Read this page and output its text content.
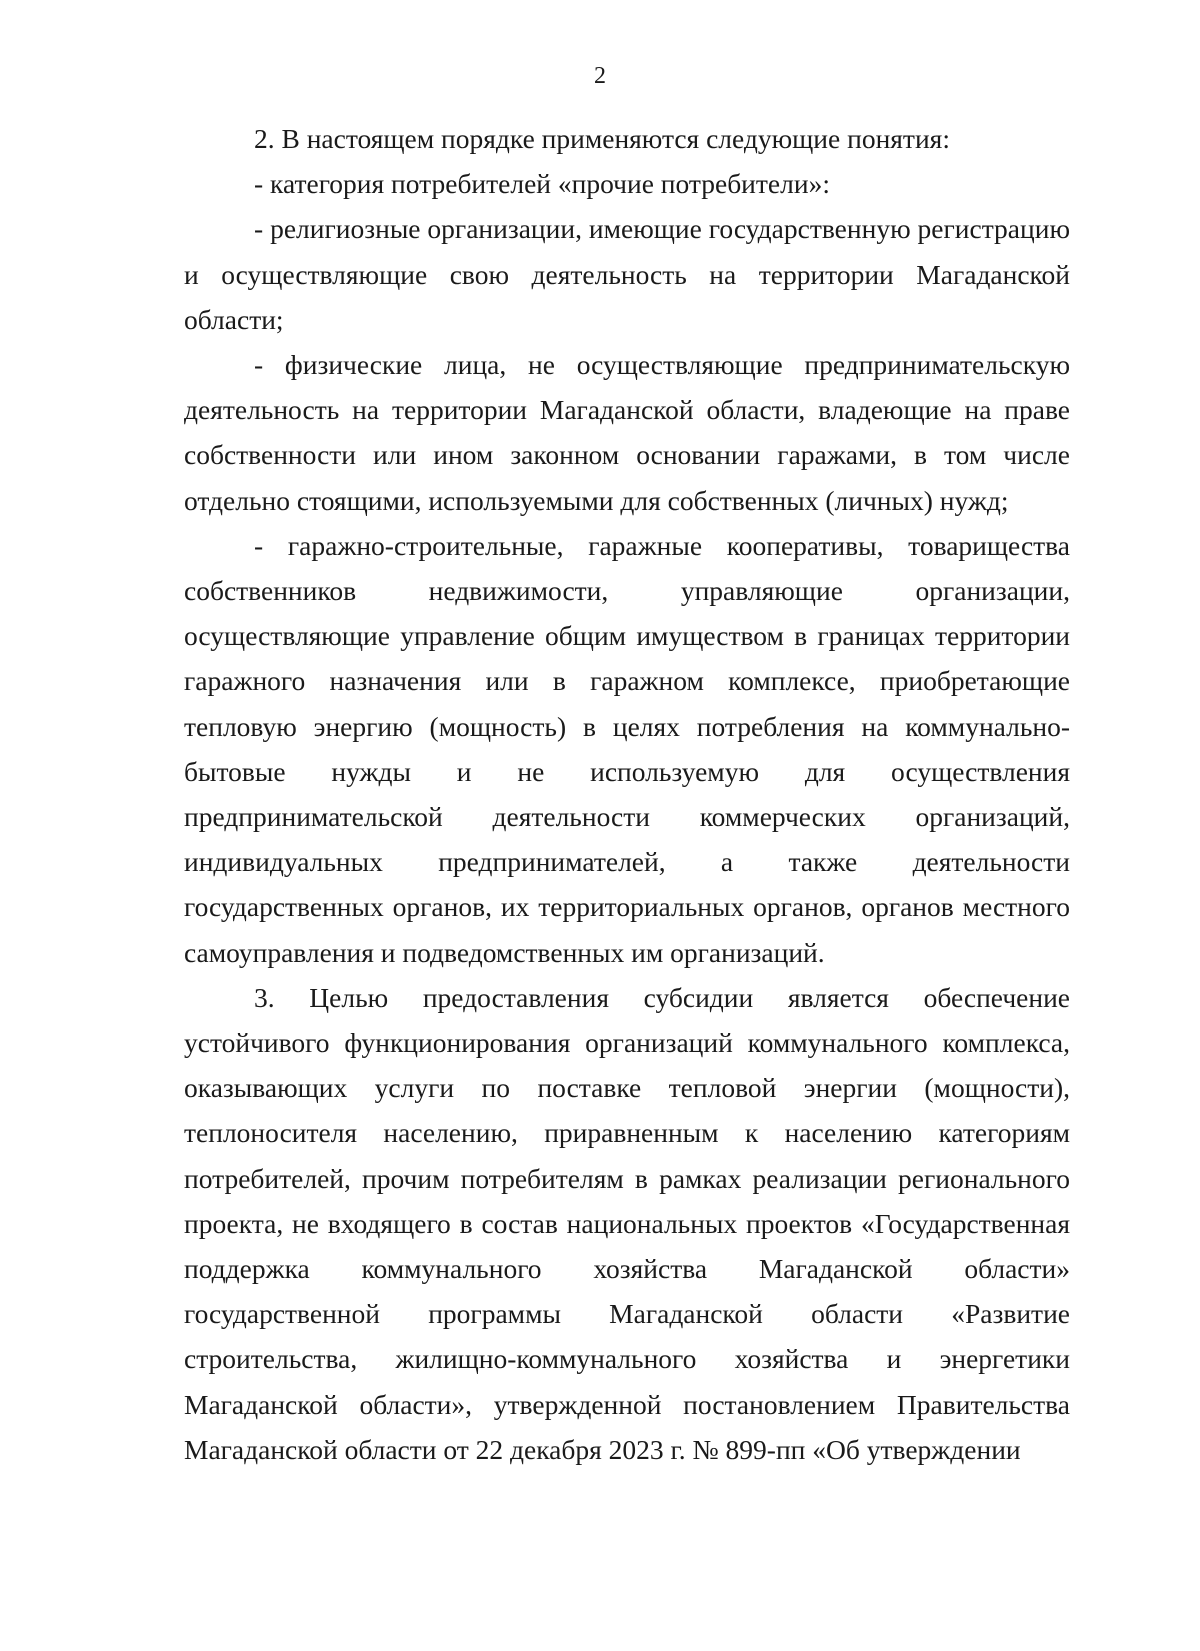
2

2. В настоящем порядке применяются следующие понятия:

- категория потребителей «прочие потребители»:

- религиозные организации, имеющие государственную регистрацию и осуществляющие свою деятельность на территории Магаданской области;

- физические лица, не осуществляющие предпринимательскую деятельность на территории Магаданской области, владеющие на праве собственности или ином законном основании гаражами, в том числе отдельно стоящими, используемыми для собственных (личных) нужд;

- гаражно-строительные, гаражные кооперативы, товарищества собственников недвижимости, управляющие организации, осуществляющие управление общим имуществом в границах территории гаражного назначения или в гаражном комплексе, приобретающие тепловую энергию (мощность) в целях потребления на коммунально-бытовые нужды и не используемую для осуществления предпринимательской деятельности коммерческих организаций, индивидуальных предпринимателей, а также деятельности государственных органов, их территориальных органов, органов местного самоуправления и подведомственных им организаций.

3. Целью предоставления субсидии является обеспечение устойчивого функционирования организаций коммунального комплекса, оказывающих услуги по поставке тепловой энергии (мощности), теплоносителя населению, приравненным к населению категориям потребителей, прочим потребителям в рамках реализации регионального проекта, не входящего в состав национальных проектов «Государственная поддержка коммунального хозяйства Магаданской области» государственной программы Магаданской области «Развитие строительства, жилищно-коммунального хозяйства и энергетики Магаданской области», утвержденной постановлением Правительства Магаданской области от 22 декабря 2023 г. № 899-пп «Об утверждении
